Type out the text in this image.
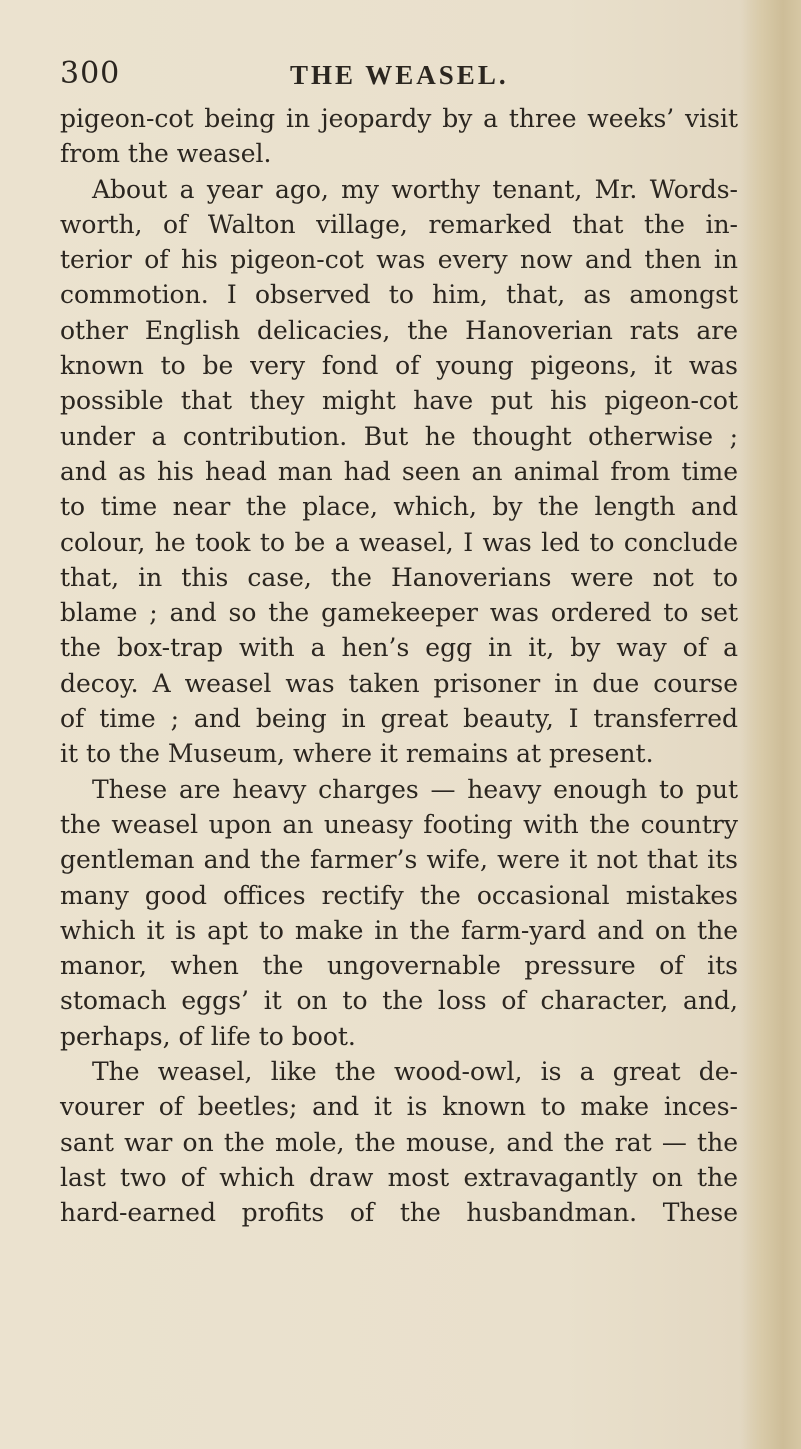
300	THE WEASEL.
pigeon-cot being in jeopardy by a three weeks’ visit
from the weasel.
About a year ago, my worthy tenant, Mr. Words-
worth, of Walton village, remarked that the in-
terior of his pigeon-cot was every now and then in
commotion. I observed to him, that, as amongst
other English delicacies, the Hanoverian rats are
known to be very fond of young pigeons, it was
possible that they might have put his pigeon-cot
under a contribution. But he thought otherwise ;
and as his head man had seen an animal from time
to time near the place, which, by the length and
colour, he took to be a weasel, I was led to conclude
that, in this case, the Hanoverians were not to
blame ; and so the gamekeeper was ordered to set
the box-trap with a hen’s egg in it, by way of a
decoy. A weasel was taken prisoner in due course
of time ; and being in great beauty, I transferred
it to the Museum, where it remains at present.
These are heavy charges — heavy enough to put
the weasel upon an uneasy footing with the country
gentleman and the farmer’s wife, were it not that its
many good offices rectify the occasional mistakes
which it is apt to make in the farm-yard and on the
manor, when the ungovernable pressure of its
stomach eggs’ it on to the loss of character, and,
perhaps, of life to boot.
The weasel, like the wood-owl, is a great de-
vourer of beetles; and it is known to make inces-
sant war on the mole, the mouse, and the rat — the
last two of which draw most extravagantly on the
hard-earned profits of the husbandman. These
